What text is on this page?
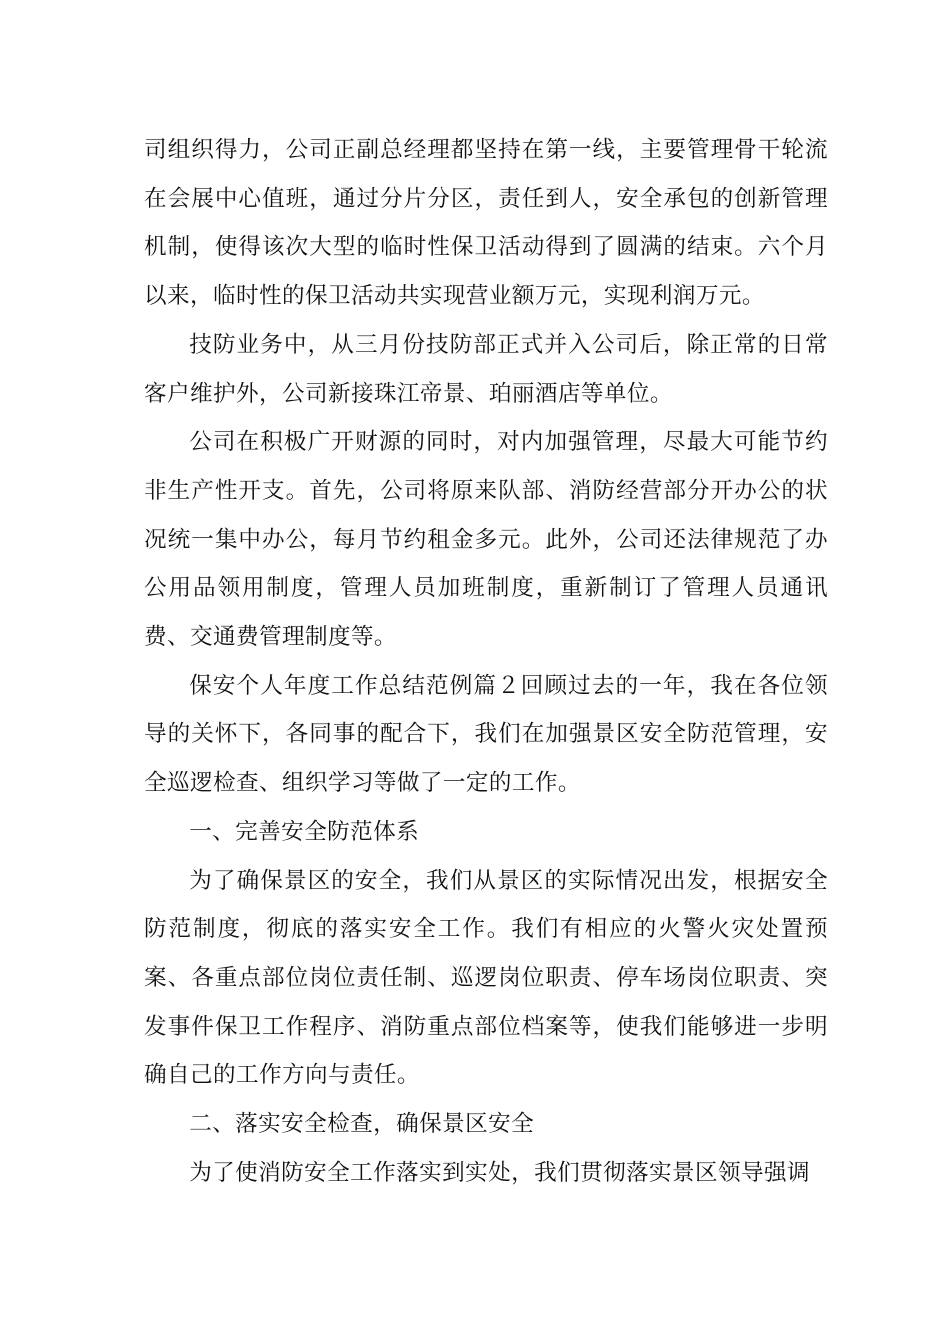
司组织得力，公司正副总经理都坚持在第一线，主要管理骨干轮流在会展中心值班，通过分片分区，责任到人，安全承包的创新管理机制，使得该次大型的临时性保卫活动得到了圆满的结束。六个月以来，临时性的保卫活动共实现营业额万元，实现利润万元。

技防业务中，从三月份技防部正式并入公司后，除正常的日常客户维护外，公司新接珠江帝景、珀丽酒店等单位。

公司在积极广开财源的同时，对内加强管理，尽最大可能节约非生产性开支。首先，公司将原来队部、消防经营部分开办公的状况统一集中办公，每月节约租金多元。此外，公司还法律规范了办公用品领用制度，管理人员加班制度，重新制订了管理人员通讯费、交通费管理制度等。

保安个人年度工作总结范例篇２回顾过去的一年，我在各位领导的关怀下，各同事的配合下，我们在加强景区安全防范管理，安全巡逻检查、组织学习等做了一定的工作。

一、完善安全防范体系

为了确保景区的安全，我们从景区的实际情况出发，根据安全防范制度，彻底的落实安全工作。我们有相应的火警火灾处置预案、各重点部位岗位责任制、巡逻岗位职责、停车场岗位职责、突发事件保卫工作程序、消防重点部位档案等，使我们能够进一步明确自己的工作方向与责任。

二、落实安全检查，确保景区安全

为了使消防安全工作落实到实处，我们贯彻落实景区领导强调
